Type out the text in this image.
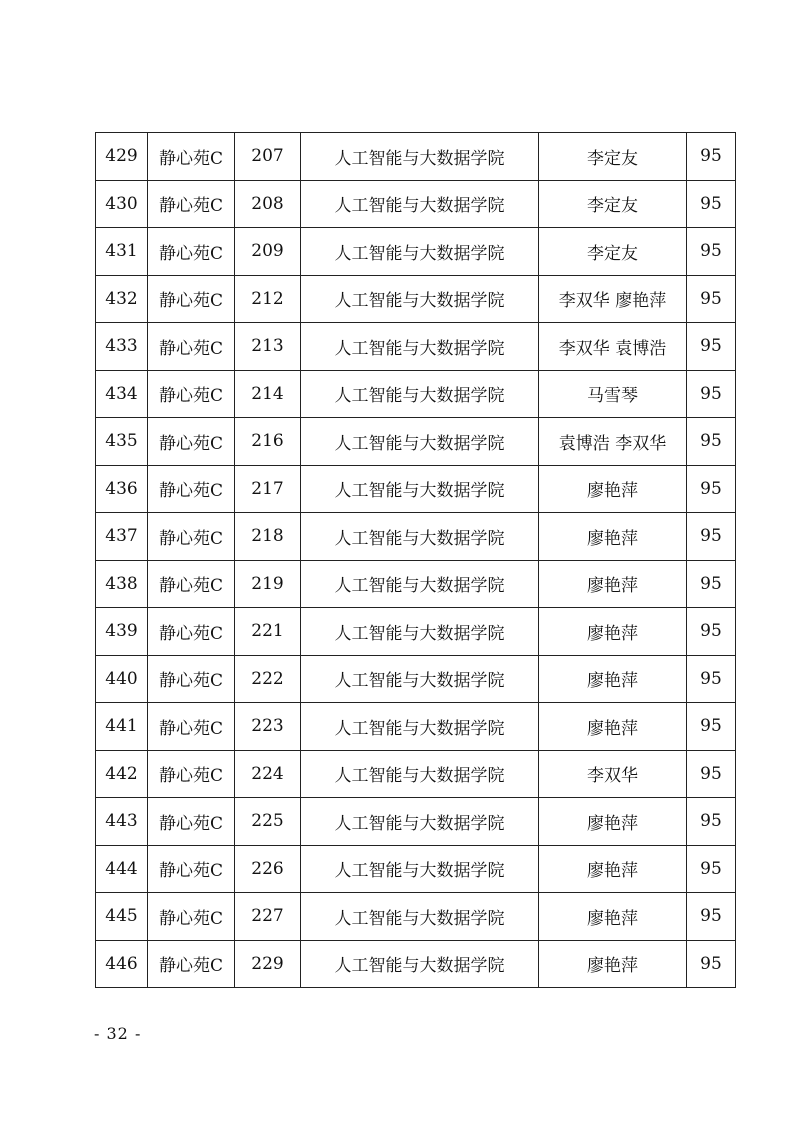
429	静心苑C	207	人工智能与大数据学院	李定友	95
430	静心苑C	208	人工智能与大数据学院	李定友	95
431	静心苑C	209	人工智能与大数据学院	李定友	95
432	静心苑C	212	人工智能与大数据学院	李双华 廖艳萍	95
433	静心苑C	213	人工智能与大数据学院	李双华 袁博浩	95
434	静心苑C	214	人工智能与大数据学院	马雪琴	95
435	静心苑C	216	人工智能与大数据学院	袁博浩 李双华	95
436	静心苑C	217	人工智能与大数据学院	廖艳萍	95
437	静心苑C	218	人工智能与大数据学院	廖艳萍	95
438	静心苑C	219	人工智能与大数据学院	廖艳萍	95
439	静心苑C	221	人工智能与大数据学院	廖艳萍	95
440	静心苑C	222	人工智能与大数据学院	廖艳萍	95
441	静心苑C	223	人工智能与大数据学院	廖艳萍	95
442	静心苑C	224	人工智能与大数据学院	李双华	95
443	静心苑C	225	人工智能与大数据学院	廖艳萍	95
444	静心苑C	226	人工智能与大数据学院	廖艳萍	95
445	静心苑C	227	人工智能与大数据学院	廖艳萍	95
446	静心苑C	229	人工智能与大数据学院	廖艳萍	95
- 32 -
